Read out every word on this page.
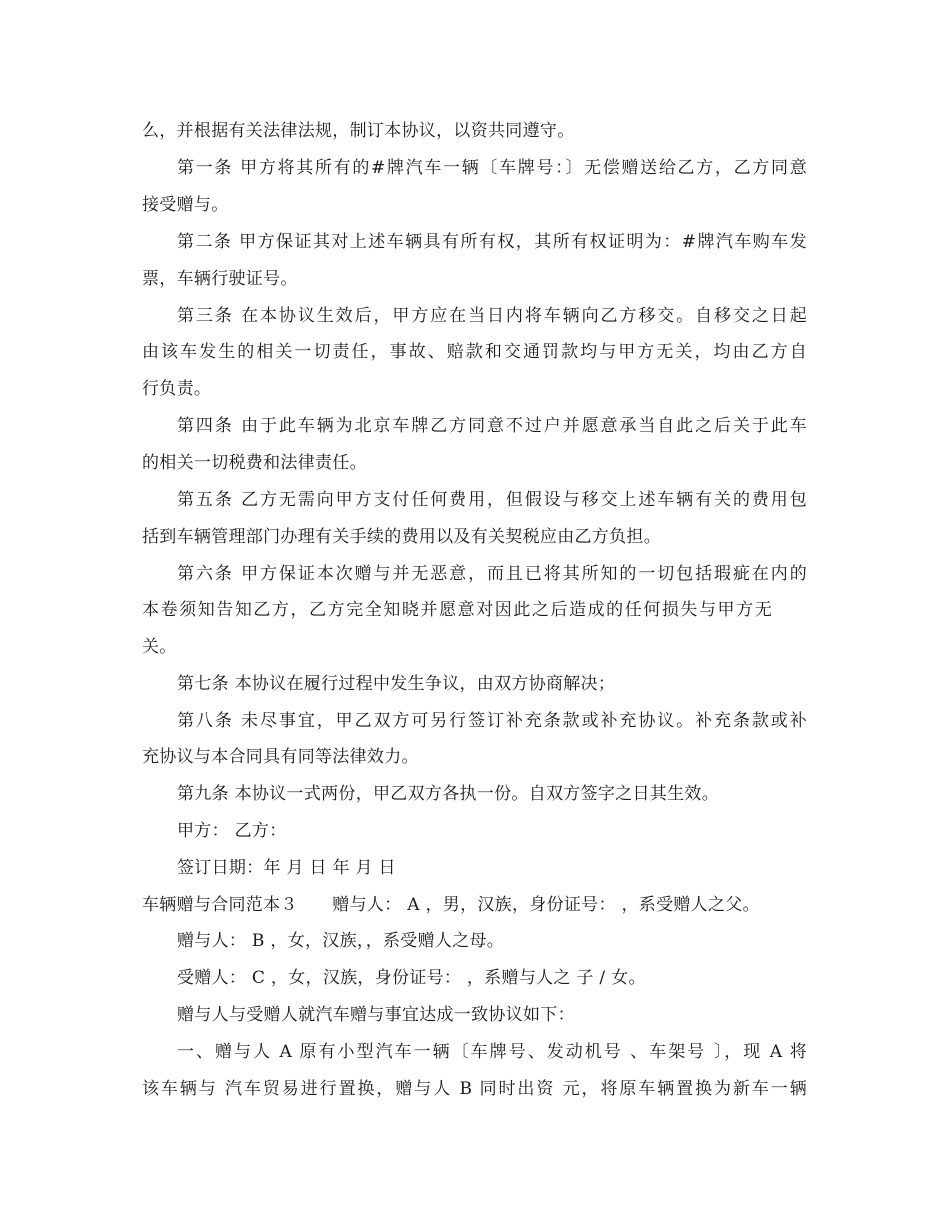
么，并根据有关法律法规，制订本协议，以资共同遵守。
第一条 甲方将其所有的#牌汽车一辆〔车牌号：〕无偿赠送给乙方，乙方同意
接受赠与。
第二条 甲方保证其对上述车辆具有所有权，其所有权证明为：#牌汽车购车发
票，车辆行驶证号。
第三条 在本协议生效后，甲方应在当日内将车辆向乙方移交。自移交之日起
由该车发生的相关一切责任，事故、赔款和交通罚款均与甲方无关，均由乙方自
行负责。
第四条 由于此车辆为北京车牌乙方同意不过户并愿意承当自此之后关于此车
的相关一切税费和法律责任。
第五条 乙方无需向甲方支付任何费用，但假设与移交上述车辆有关的费用包
括到车辆管理部门办理有关手续的费用以及有关契税应由乙方负担。
第六条 甲方保证本次赠与并无恶意，而且已将其所知的一切包括瑕疵在内的
本卷须知告知乙方，乙方完全知晓并愿意对因此之后造成的任何损失与甲方无
关。
第七条 本协议在履行过程中发生争议，由双方协商解决；
第八条 未尽事宜，甲乙双方可另行签订补充条款或补充协议。补充条款或补
充协议与本合同具有同等法律效力。
第九条 本协议一式两份，甲乙双方各执一份。自双方签字之日其生效。
甲方： 乙方：
签订日期：年 月 日 年 月 日
车辆赠与合同范本３　　赠与人： A ，男，汉族，身份证号： ，系受赠人之父。
赠与人： B ，女，汉族，，系受赠人之母。
受赠人： C ，女，汉族，身份证号： ，系赠与人之 子 / 女。
赠与人与受赠人就汽车赠与事宜达成一致协议如下：
一、赠与人 A 原有小型汽车一辆〔车牌号、发动机号 、车架号 〕，现 A 将
该车辆与 汽车贸易进行置换，赠与人 B 同时出资 元，将原车辆置换为新车一辆
